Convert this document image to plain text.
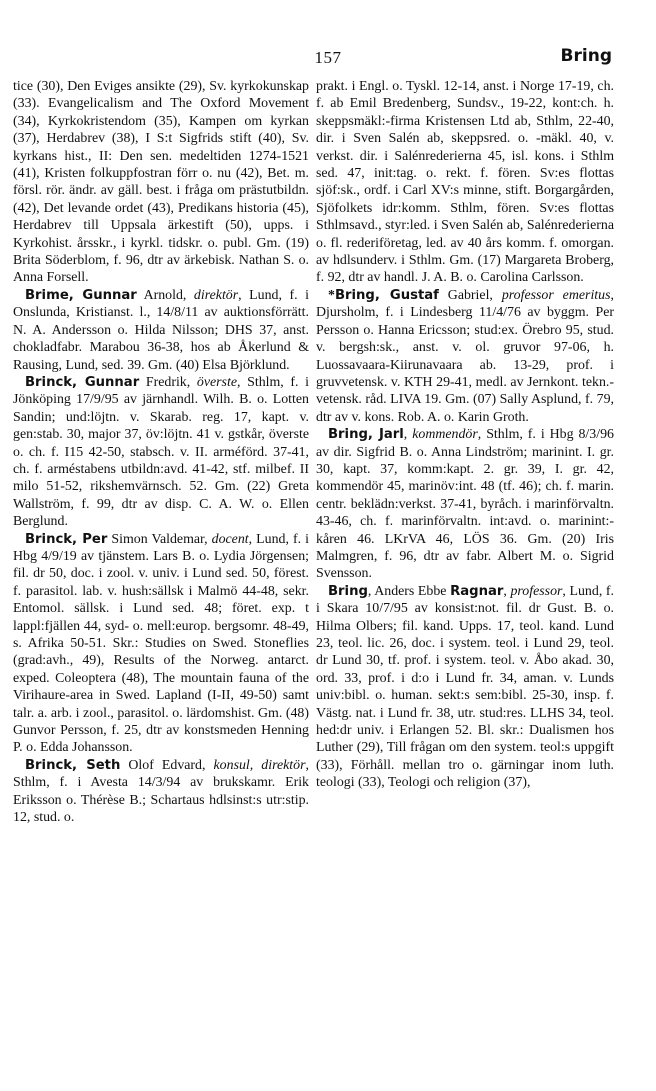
157	Bring

tice (30), Den Eviges ansikte (29), Sv. kyrkokunskap (33). Evangelicalism and The Oxford Movement (34), Kyrkokristendom (35), Kampen om kyrkan (37), Herdabrev (38), I S:t Sigfrids stift (40), Sv. kyrkans hist., II: Den sen. medeltiden 1274-1521 (41), Kristen folkuppfostran förr o. nu (42), Bet. m. försl. rör. ändr. av gäll. best. i fråga om prästutbildn. (42), Det levande ordet (43), Predikans historia (45), Herdabrev till Uppsala ärkestift (50), upps. i Kyrkohist. årsskr., i kyrkl. tidskr. o. publ. Gm. (19) Brita Söderblom, f. 96, dtr av ärkebisk. Nathan S. o. Anna Forsell.

Brime, Gunnar Arnold, direktör, Lund, f. i Onslunda, Kristianst. l., 14/8/11 av auktionsförrätt. N. A. Andersson o. Hilda Nilsson; DHS 37, anst. chokladfabr. Marabou 36-38, hos ab Åkerlund & Rausing, Lund, sed. 39. Gm. (40) Elsa Björklund.

Brinck, Gunnar Fredrik, överste, Sthlm, f. i Jönköping 17/9/95 av järnhandl. Wilh. B. o. Lotten Sandin; und:löjtn. v. Skarab. reg. 17, kapt. v. gen:stab. 30, major 37, öv:löjtn. 41 v. gstkår, överste o. ch. f. I15 42-50, stabsch. v. II. arméförd. 37-41, ch. f. arméstabens utbildn:avd. 41-42, stf. milbef. II milo 51-52, rikshemvärnsch. 52. Gm. (22) Greta Wallström, f. 99, dtr av disp. C. A. W. o. Ellen Berglund.

Brinck, Per Simon Valdemar, docent, Lund, f. i Hbg 4/9/19 av tjänstem. Lars B. o. Lydia Jörgensen; fil. dr 50, doc. i zool. v. univ. i Lund sed. 50, förest. f. parasitol. lab. v. hush:sällsk i Malmö 44-48, sekr. Entomol. sällsk. i Lund sed. 48; föret. exp. t lappl:fjällen 44, syd- o. mell:europ. bergsomr. 48-49, s. Afrika 50-51. Skr.: Studies on Swed. Stoneflies (grad:avh., 49), Results of the Norweg. antarct. exped. Coleoptera (48), The mountain fauna of the Virihaure-area in Swed. Lapland (I-II, 49-50) samt talr. a. arb. i zool., parasitol. o. lärdomshist. Gm. (48) Gunvor Persson, f. 25, dtr av konstsmeden Henning P. o. Edda Johansson.

Brinck, Seth Olof Edvard, konsul, direktör, Sthlm, f. i Avesta 14/3/94 av brukskamr. Erik Eriksson o. Thérèse B.; Schartaus hdlsinst:s utr:stip. 12, stud. o.

prakt. i Engl. o. Tyskl. 12-14, anst. i Norge 17-19, ch. f. ab Emil Bredenberg, Sundsv., 19-22, kont:ch. h. skeppsmäkl:-firma Kristensen Ltd ab, Sthlm, 22-40, dir. i Sven Salén ab, skeppsred. o. -mäkl. 40, v. verkst. dir. i Salénrederierna 45, isl. kons. i Sthlm sed. 47, init:tag. o. rekt. f. fören. Sv:es flottas sjöf:sk., ordf. i Carl XV:s minne, stift. Borgargården, Sjöfolkets idr:komm. Sthlm, fören. Sv:es flottas Sthlmsavd., styr:led. i Sven Salén ab, Salénrederierna o. fl. rederiföretag, led. av 40 års komm. f. omorgan. av hdlsunderv. i Sthlm. Gm. (17) Margareta Broberg, f. 92, dtr av handl. J. A. B. o. Carolina Carlsson.

*Bring, Gustaf Gabriel, professor emeritus, Djursholm, f. i Lindesberg 11/4/76 av byggm. Per Persson o. Hanna Ericsson; stud:ex. Örebro 95, stud. v. bergsh:sk., anst. v. ol. gruvor 97-06, h. Luossavaara-Kiirunavaara ab. 13-29, prof. i gruvvetensk. v. KTH 29-41, medl. av Jernkont. tekn.-vetensk. råd. LIVA 19. Gm. (07) Sally Asplund, f. 79, dtr av v. kons. Rob. A. o. Karin Groth.

Bring, Jarl, kommendör, Sthlm, f. i Hbg 8/3/96 av dir. Sigfrid B. o. Anna Lindström; marinint. I. gr. 30, kapt. 37, komm:kapt. 2. gr. 39, I. gr. 42, kommendör 45, marinöv:int. 48 (tf. 46); ch. f. marin. centr. beklädn:verkst. 37-41, byråch. i marinförvaltn. 43-46, ch. f. marinförvaltn. int:avd. o. marinint:-kåren 46. LKrVA 46, LÖS 36. Gm. (20) Iris Malmgren, f. 96, dtr av fabr. Albert M. o. Sigrid Svensson.

Bring, Anders Ebbe Ragnar, professor, Lund, f. i Skara 10/7/95 av konsist:not. fil. dr Gust. B. o. Hilma Olbers; fil. kand. Upps. 17, teol. kand. Lund 23, teol. lic. 26, doc. i system. teol. i Lund 29, teol. dr Lund 30, tf. prof. i system. teol. v. Åbo akad. 30, ord. 33, prof. i d:o i Lund fr. 34, aman. v. Lunds univ:bibl. o. human. sekt:s sem:bibl. 25-30, insp. f. Västg. nat. i Lund fr. 38, utr. stud:res. LLHS 34, teol. hed:dr univ. i Erlangen 52. Bl. skr.: Dualismen hos Luther (29), Till frågan om den system. teol:s uppgift (33), Förhåll. mellan tro o. gärningar inom luth. teologi (33), Teologi och religion (37),
